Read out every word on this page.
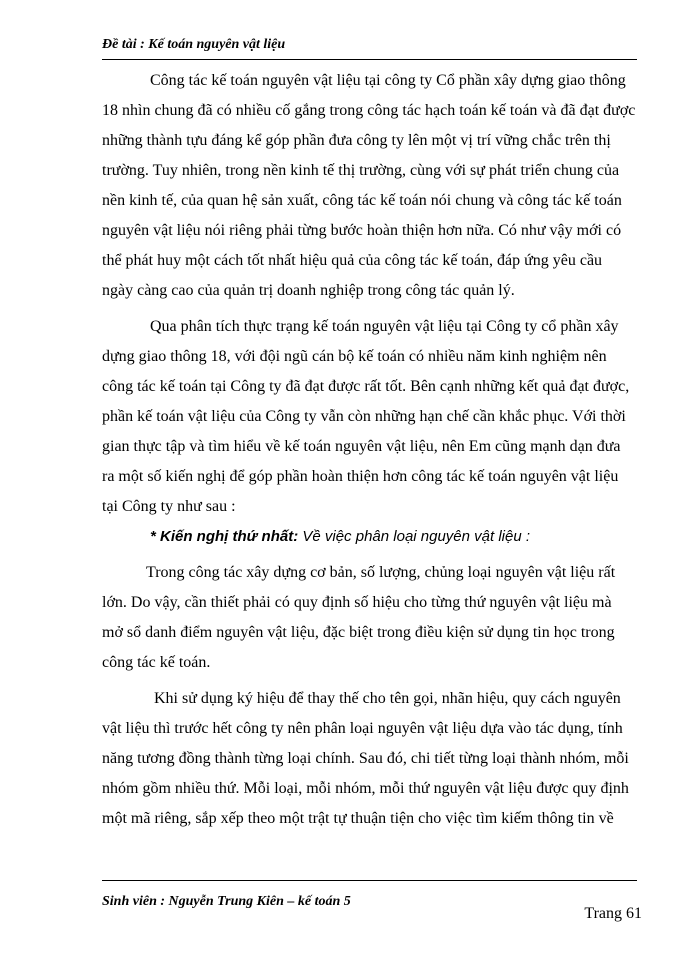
Đề tài : Kế toán nguyên vật liệu
Công tác kế toán nguyên vật liệu tại công ty Cổ phần xây dựng giao thông
18 nhìn chung đã có nhiều cố gắng trong công tác hạch toán kế toán và đã đạt được
những thành tựu đáng kể góp phần đưa công ty lên một vị trí vững chắc trên thị
trường. Tuy nhiên, trong nền kinh tế thị trường, cùng với sự phát triển chung của
nền kinh tế, của quan hệ sản xuất, công tác kế toán nói chung và công tác kế toán
nguyên vật liệu nói riêng phải từng bước hoàn thiện hơn nữa. Có như vậy mới có
thể phát huy một cách tốt nhất hiệu quả của công tác kế toán, đáp ứng yêu cầu
ngày càng cao của quản trị doanh nghiệp trong công tác quản lý.
Qua phân tích thực trạng kế toán nguyên vật liệu tại Công ty cổ phần xây
dựng giao thông 18, với đội ngũ cán bộ kế toán có nhiều năm kinh nghiệm nên
công tác kế toán tại Công ty đã đạt được rất tốt. Bên cạnh những kết quả đạt được,
phần kế toán vật liệu của Công ty vẫn còn những hạn chế cần khắc phục. Với thời
gian thực tập và tìm hiểu về kế toán nguyên vật liệu, nên Em cũng mạnh dạn đưa
ra một số kiến nghị để góp phần hoàn thiện hơn công tác kế toán nguyên vật liệu
tại Công ty như sau :
* Kiến nghị thứ nhất: Về việc phân loại nguyên vật liệu :
Trong công tác xây dựng cơ bản, số lượng, chủng loại nguyên vật liệu rất
lớn. Do vậy, cần thiết phải có quy định số hiệu cho từng thứ nguyên vật liệu mà
mở sổ danh điểm nguyên vật liệu, đặc biệt trong điều kiện sử dụng tin học trong
công tác kế toán.
Khi sử dụng ký hiệu để thay thế cho tên gọi, nhãn hiệu, quy cách nguyên
vật liệu thì trước hết công ty nên phân loại nguyên vật liệu dựa vào tác dụng, tính
năng tương đồng thành từng loại chính. Sau đó, chi tiết từng loại thành nhóm, mỗi
nhóm gồm nhiều thứ. Mỗi loại, mỗi nhóm, mỗi thứ nguyên vật liệu được quy định
một mã riêng, sắp xếp theo một trật tự thuận tiện cho việc tìm kiếm thông tin về
Sinh viên : Nguyễn Trung Kiên – kế toán 5
Trang 61
